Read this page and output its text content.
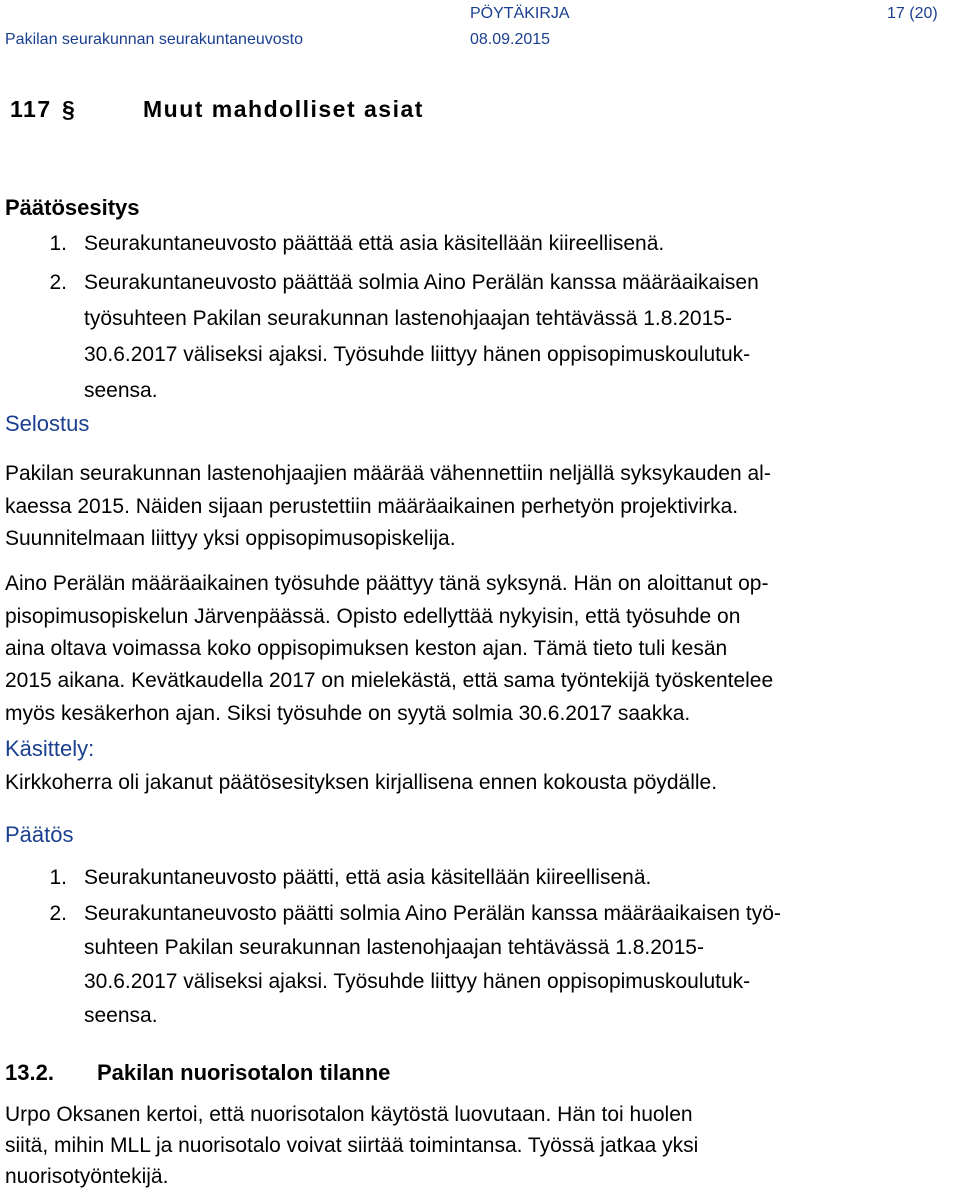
PÖYTÄKIRJA	17 (20)
Pakilan seurakunnan seurakuntaneuvosto	08.09.2015
117 §	Muut mahdolliset asiat
Päätösesitys
1. Seurakuntaneuvosto päättää että asia käsitellään kiireellisenä.
2. Seurakuntaneuvosto päättää solmia Aino Perälän kanssa määräaikaisen
työsuhteen Pakilan seurakunnan lastenohjaajan tehtävässä 1.8.2015-
30.6.2017 väliseksi ajaksi. Työsuhde liittyy hänen oppisopimuskoulutuk-
seensa.
Selostus
Pakilan seurakunnan lastenohjaajien määrää vähennettiin neljällä syksykauden al-
kaessa 2015. Näiden sijaan perustettiin määräaikainen perhetyön projektivirka.
Suunnitelmaan liittyy yksi oppisopimusopiskelija.
Aino Perälän määräaikainen työsuhde päättyy tänä syksynä. Hän on aloittanut op-
pisopimusopiskelun Järvenpäässä. Opisto edellyttää nykyisin, että työsuhde on
aina oltava voimassa koko oppisopimuksen keston ajan. Tämä tieto tuli kesän
2015 aikana. Kevätkaudella 2017 on mielekästä, että sama työntekijä työskentelee
myös kesäkerhon ajan. Siksi työsuhde on syytä solmia 30.6.2017 saakka.
Käsittely:
Kirkkoherra oli jakanut päätösesityksen kirjallisena ennen kokousta pöydälle.
Päätös
1. Seurakuntaneuvosto päätti, että asia käsitellään kiireellisenä.
2. Seurakuntaneuvosto päätti solmia Aino Perälän kanssa määräaikaisen työ-
suhteen Pakilan seurakunnan lastenohjaajan tehtävässä 1.8.2015-
30.6.2017 väliseksi ajaksi. Työsuhde liittyy hänen oppisopimuskoulutuk-
seensa.
13.2. Pakilan nuorisotalon tilanne
Urpo Oksanen kertoi, että nuorisotalon käytöstä luovutaan. Hän toi huolen
siitä, mihin MLL ja nuorisotalo voivat siirtää toimintansa. Työssä jatkaa yksi
nuorisotyöntekijä.
